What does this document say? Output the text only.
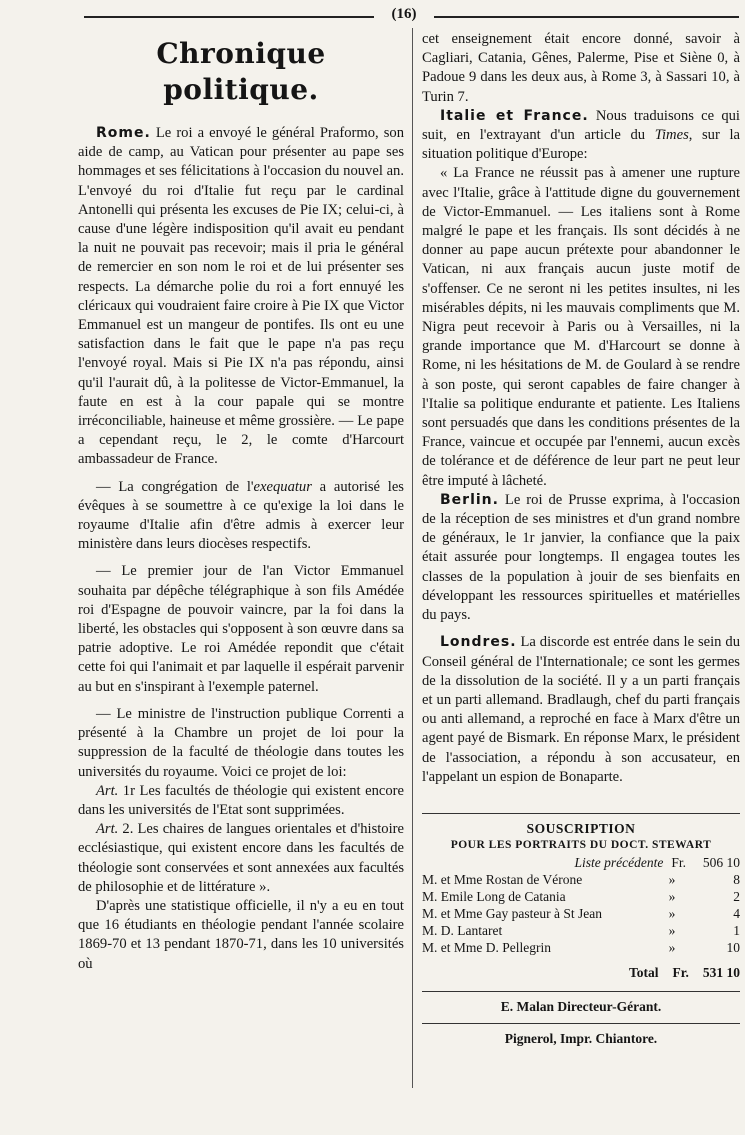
(16)
Chronique politique.

Rome. Le roi a envoyé le général Praformo, son aide de camp, au Vatican pour présenter au pape ses hommages et ses félicitations à l'occasion du nouvel an. L'envoyé du roi d'Italie fut reçu par le cardinal Antonelli qui présenta les excuses de Pie IX; celui-ci, à cause d'une légère indisposition qu'il avait eu pendant la nuit ne pouvait pas recevoir; mais il pria le général de remercier en son nom le roi et de lui présenter ses respects. La démarche polie du roi a fort ennuyé les cléricaux qui voudraient faire croire à Pie IX que Victor Emmanuel est un mangeur de pontifes. Ils ont eu une satisfaction dans le fait que le pape n'a pas reçu l'envoyé royal. Mais si Pie IX n'a pas répondu, ainsi qu'il l'aurait dû, à la politesse de Victor-Emmanuel, la faute en est à la cour papale qui se montre irréconciliable, haineuse et même grossière. — Le pape a cependant reçu, le 2, le comte d'Harcourt ambassadeur de France.

— La congrégation de l'exequatur a autorisé les évêques à se soumettre à ce qu'exige la loi dans le royaume d'Italie afin d'être admis à exercer leur ministère dans leurs diocèses respectifs.

— Le premier jour de l'an Victor Emmanuel souhaita par dépêche télégraphique à son fils Amédée roi d'Espagne de pouvoir vaincre, par la foi dans la liberté, les obstacles qui s'opposent à son œuvre dans sa patrie adoptive. Le roi Amédée repondit que c'était cette foi qui l'animait et par laquelle il espérait parvenir au but en s'inspirant à l'exemple paternel.

— Le ministre de l'instruction publique Correnti a présenté à la Chambre un projet de loi pour la suppression de la faculté de théologie dans toutes les universités du royaume. Voici ce projet de loi:

Art. 1r Les facultés de théologie qui existent encore dans les universités de l'Etat sont supprimées.

Art. 2. Les chaires de langues orientales et d'histoire ecclésiastique, qui existent encore dans les facultés de théologie sont conservées et sont annexées aux facultés de philosophie et de littérature ».

D'après une statistique officielle, il n'y a eu en tout que 16 étudiants en théologie pendant l'année scolaire 1869-70 et 13 pendant 1870-71, dans les 10 universités où

cet enseignement était encore donné, savoir à Cagliari, Catania, Gênes, Palerme, Pise et Siène 0, à Padoue 9 dans les deux aus, à Rome 3, à Sassari 10, à Turin 7.

Italie et France. Nous traduisons ce qui suit, en l'extrayant d'un article du Times, sur la situation politique d'Europe:

« La France ne réussit pas à amener une rupture avec l'Italie, grâce à l'attitude digne du gouvernement de Victor-Emmanuel. — Les italiens sont à Rome malgré le pape et les français. Ils sont décidés à ne donner au pape aucun prétexte pour abandonner le Vatican, ni aux français aucun juste motif de s'offenser. Ce ne seront ni les petites insultes, ni les misérables dépits, ni les mauvais compliments que M. Nigra peut recevoir à Paris ou à Versailles, ni la grande importance que M. d'Harcourt se donne à Rome, ni les hésitations de M. de Goulard à se rendre à son poste, qui seront capables de faire changer à l'Italie sa politique endurante et patiente. Les Italiens sont persuadés que dans les conditions présentes de la France, vaincue et occupée par l'ennemi, aucun excès de tolérance et de déférence de leur part ne peut leur être imputé à lâcheté.

Berlin. Le roi de Prusse exprima, à l'occasion de la réception de ses ministres et d'un grand nombre de généraux, le 1r janvier, la confiance que la paix était assurée pour longtemps. Il engagea toutes les classes de la population à jouir de ses bienfaits en développant les ressources spirituelles et matérielles du pays.

Londres. La discorde est entrée dans le sein du Conseil général de l'Internationale; ce sont les germes de la dissolution de la société. Il y a un parti français et un parti allemand. Bradlaugh, chef du parti français ou anti allemand, a reproché en face à Marx d'être un agent payé de Bismark. En réponse Marx, le président de l'association, a répondu à son accusateur, en l'appelant un espion de Bonaparte.

SOUSCRIPTION
POUR LES PORTRAITS DU DOCT. STEWART
Liste précédente Fr.	506 10
M. et Mme Rostan de Vérone	»	8
M. Emile Long de Catania	»	2
M. et Mme Gay pasteur à St Jean	»	4
M. D. Lantaret	»	1
M. et Mme D. Pellegrin	»	10
Total Fr. 531 10
E. Malan Directeur-Gérant.
Pignerol, Impr. Chiantore.
